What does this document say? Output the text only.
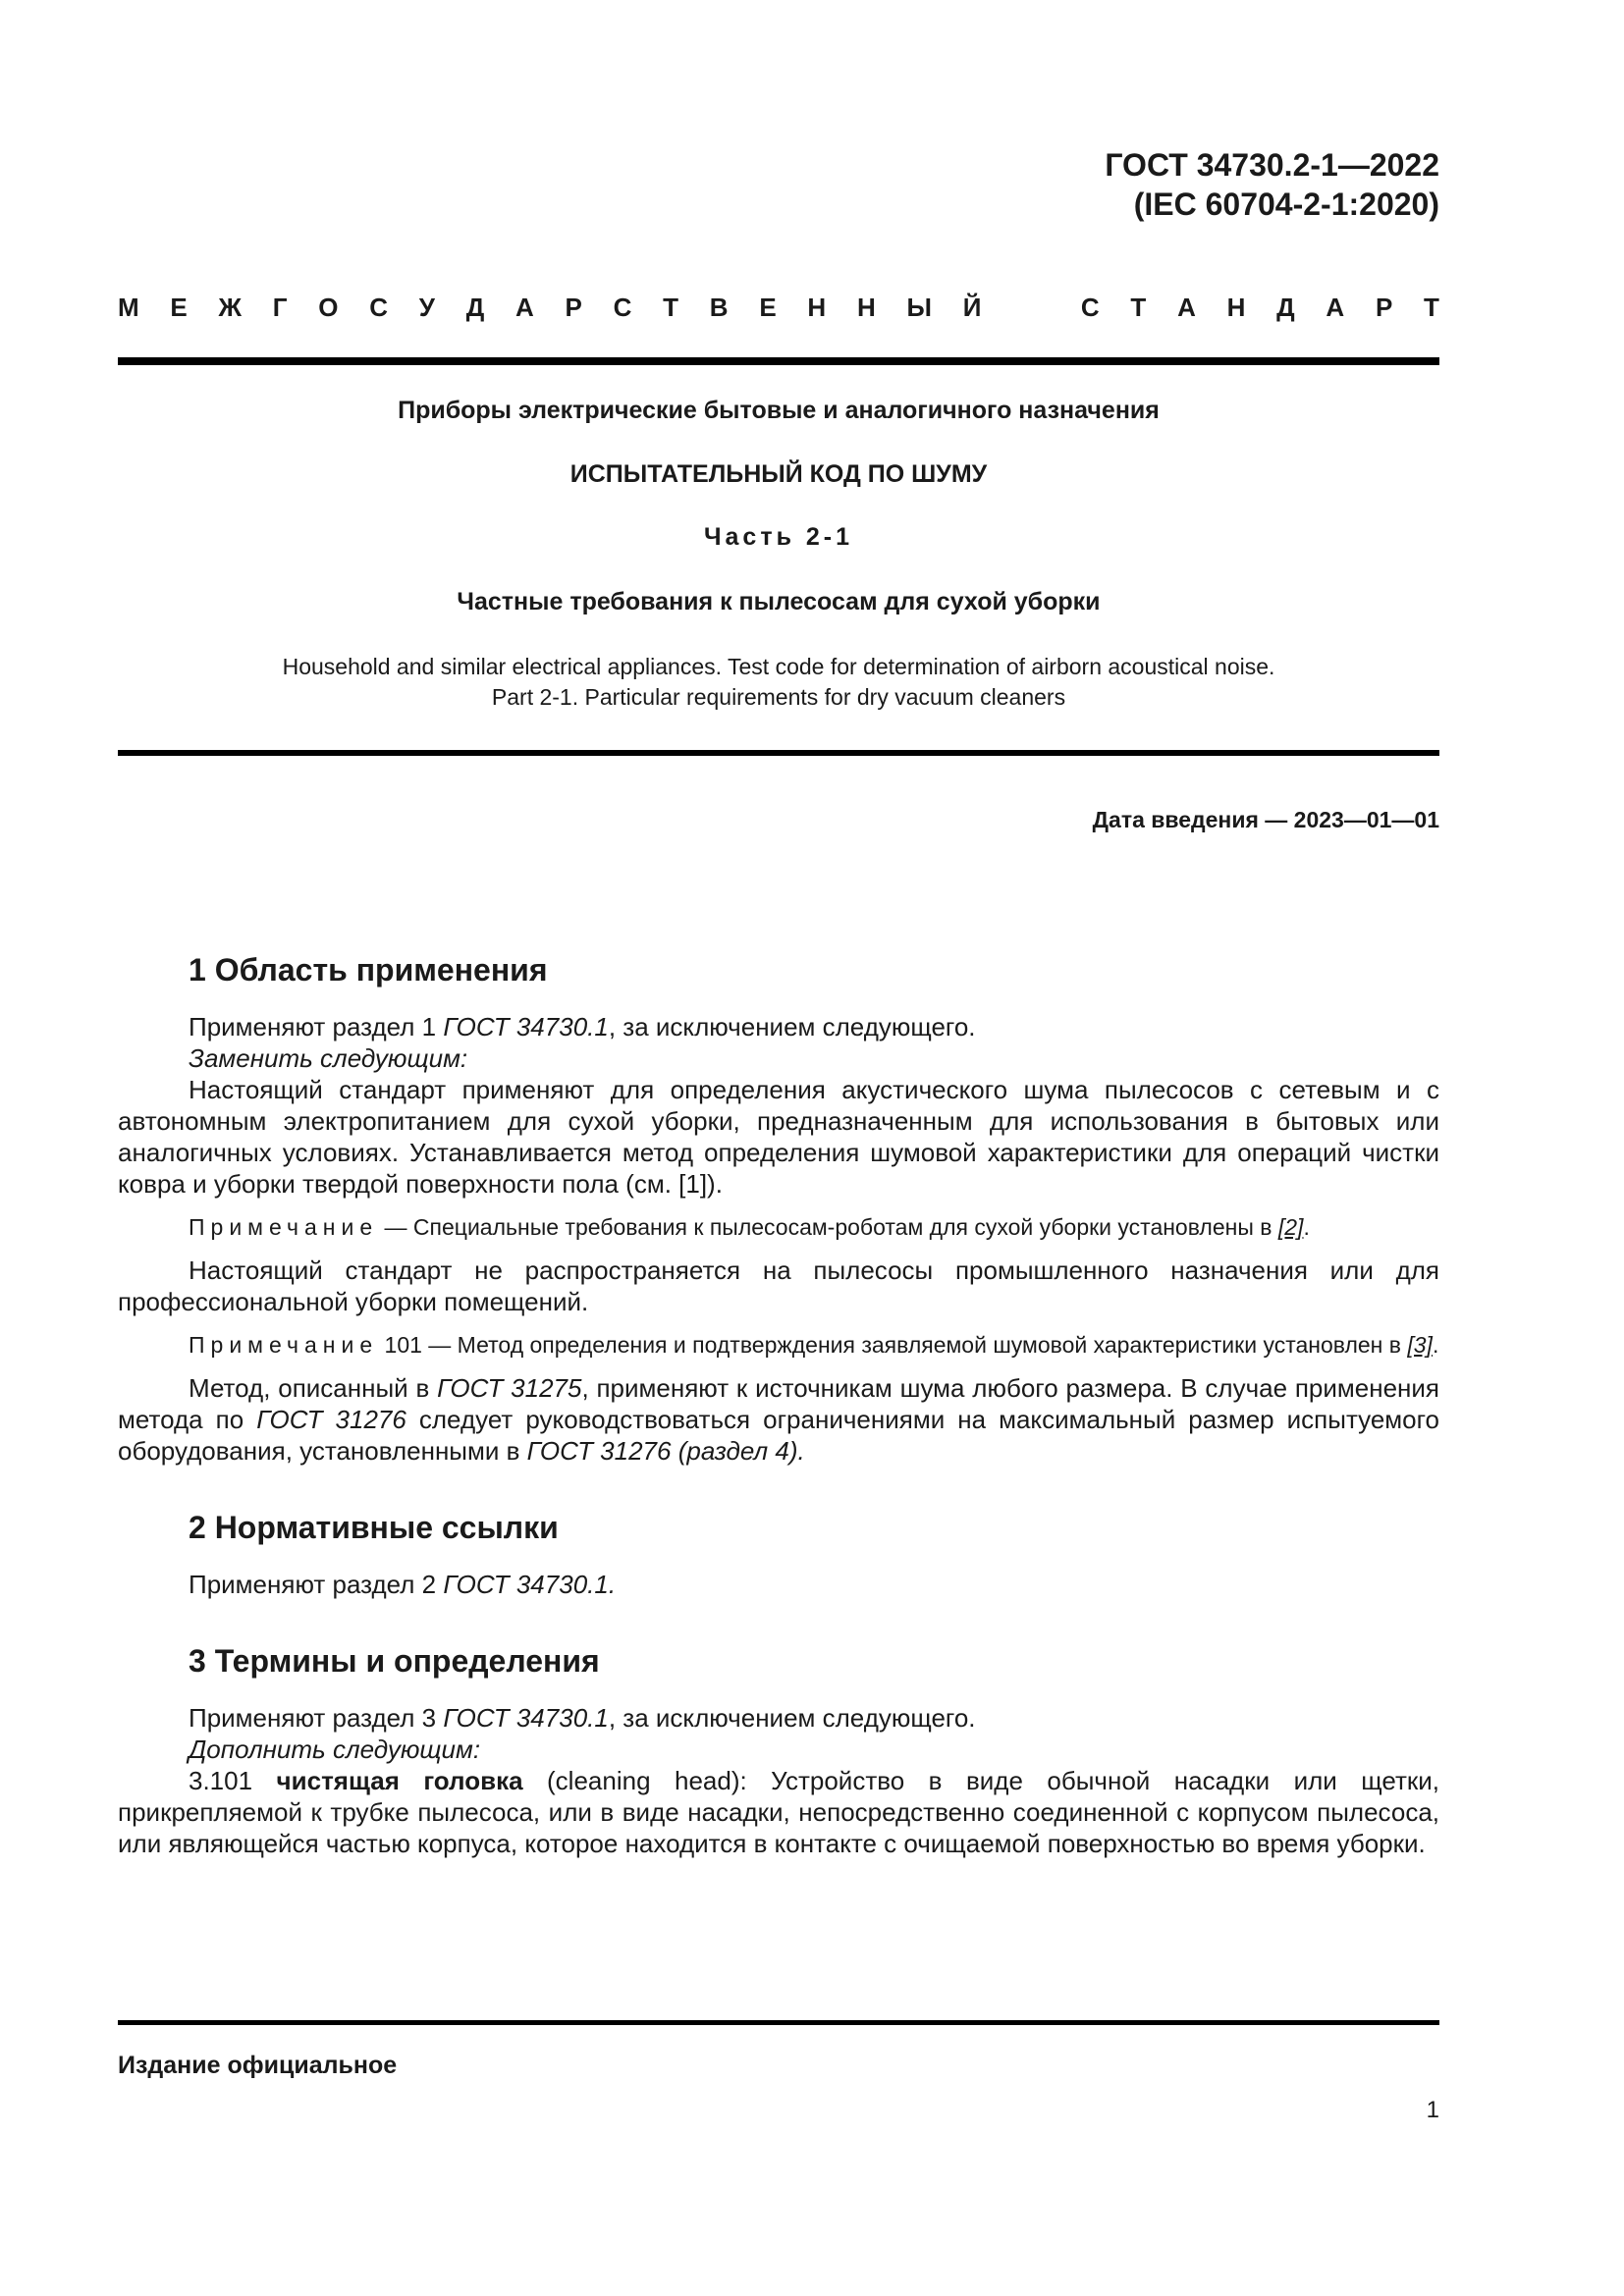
ГОСТ 34730.2-1—2022
(IEC 60704-2-1:2020)
М Е Ж Г О С У Д А Р С Т В Е Н Н Ы Й	С Т А Н Д А Р Т
Приборы электрические бытовые и аналогичного назначения
ИСПЫТАТЕЛЬНЫЙ КОД ПО ШУМУ
Часть 2-1
Частные требования к пылесосам для сухой уборки
Household and similar electrical appliances. Test code for determination of airborn acoustical noise.
Part 2-1. Particular requirements for dry vacuum cleaners
Дата введения — 2023—01—01
1 Область применения

Применяют раздел 1 ГОСТ 34730.1, за исключением следующего.

Заменить следующим:

Настоящий стандарт применяют для определения акустического шума пылесосов с сетевым и с автономным электропитанием для сухой уборки, предназначенным для использования в бытовых или аналогичных условиях. Устанавливается метод определения шумовой характеристики для операций чистки ковра и уборки твердой поверхности пола (см. [1]).

Примечание — Специальные требования к пылесосам-роботам для сухой уборки установлены в [2].

Настоящий стандарт не распространяется на пылесосы промышленного назначения или для профессиональной уборки помещений.

Примечание 101 — Метод определения и подтверждения заявляемой шумовой характеристики установлен в [3].

Метод, описанный в ГОСТ 31275, применяют к источникам шума любого размера. В случае применения метода по ГОСТ 31276 следует руководствоваться ограничениями на максимальный размер испытуемого оборудования, установленными в ГОСТ 31276 (раздел 4).

2 Нормативные ссылки

Применяют раздел 2 ГОСТ 34730.1.

3 Термины и определения

Применяют раздел 3 ГОСТ 34730.1, за исключением следующего.

Дополнить следующим:

3.101 чистящая головка (cleaning head): Устройство в виде обычной насадки или щетки, прикрепляемой к трубке пылесоса, или в виде насадки, непосредственно соединенной с корпусом пылесоса, или являющейся частью корпуса, которое находится в контакте с очищаемой поверхностью во время уборки.

Издание официальное
1
